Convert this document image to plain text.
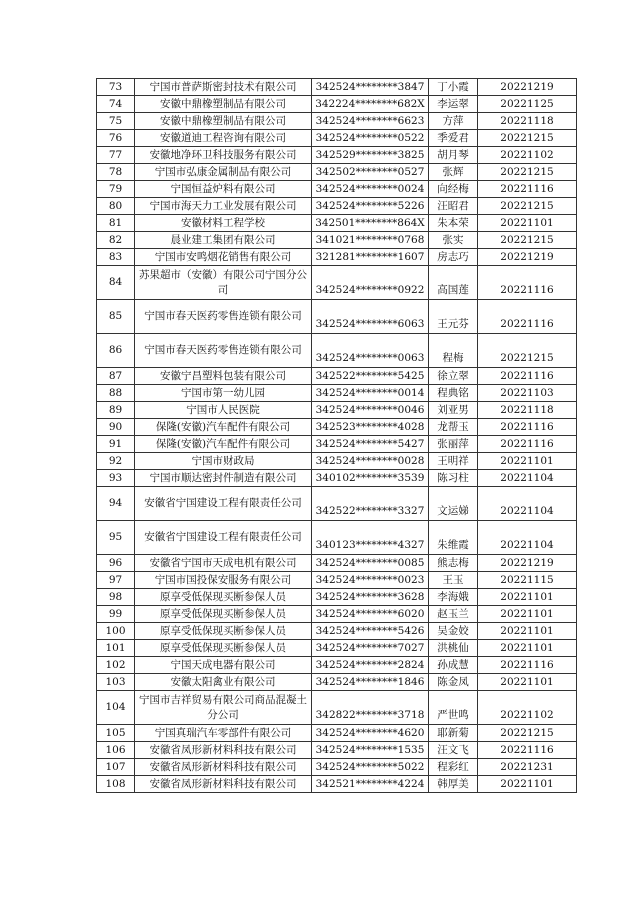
73	宁国市普萨斯密封技术有限公司	342524********3847	丁小霞	20221219
74	安徽中鼎橡塑制品有限公司	342224********682X	李运翠	20221125
75	安徽中鼎橡塑制品有限公司	342524********6623	方萍	20221118
76	安徽道迪工程咨询有限公司	342524********0522	季爱君	20221215
77	安徽地净环卫科技服务有限公司	342529********3825	胡月琴	20221102
78	宁国市弘康金属制品有限公司	342502********0527	张辉	20221215
79	宁国恒益炉料有限公司	342524********0024	向经梅	20221116
80	宁国市海天力工业发展有限公司	342524********5226	汪昭君	20221215
81	安徽材料工程学校	342501********864X	朱本荣	20221101
82	晨业建工集团有限公司	341021********0768	张实	20221215
83	宁国市安鸣烟花销售有限公司	321281********1607	房志巧	20221219
84	苏果超市（安徽）有限公司宁国分公司	342524********0922	高国莲	20221116
85	宁国市春天医药零售连锁有限公司	342524********6063	王元芬	20221116
86	宁国市春天医药零售连锁有限公司	342524********0063	程梅	20221215
87	安徽宁昌塑料包装有限公司	342522********5425	徐立翠	20221116
88	宁国市第一幼儿园	342524********0014	程典铭	20221103
89	宁国市人民医院	342524********0046	刘亚男	20221118
90	保隆(安徽)汽车配件有限公司	342523********4028	龙帮玉	20221116
91	保隆(安徽)汽车配件有限公司	342524********5427	张丽萍	20221116
92	宁国市财政局	342524********0028	王明祥	20221101
93	宁国市顺达密封件制造有限公司	340102********3539	陈习柱	20221104
94	安徽省宁国建设工程有限责任公司	342522********3327	文运娣	20221104
95	安徽省宁国建设工程有限责任公司	340123********4327	朱维霞	20221104
96	安徽省宁国市天成电机有限公司	342524********0085	熊志梅	20221219
97	宁国市国投保安服务有限公司	342524********0023	王玉	20221115
98	原享受低保现买断参保人员	342524********3628	李海娥	20221101
99	原享受低保现买断参保人员	342524********6020	赵玉兰	20221101
100	原享受低保现买断参保人员	342524********5426	吴金姣	20221101
101	原享受低保现买断参保人员	342524********7027	洪桃仙	20221101
102	宁国天成电器有限公司	342524********2824	孙成慧	20221116
103	安徽太阳禽业有限公司	342524********1846	陈金凤	20221101
104	宁国市吉祥贸易有限公司商品混凝土分公司	342822********3718	严世鸣	20221102
105	宁国真瑞汽车零部件有限公司	342524********4620	耶新菊	20221215
106	安徽省凤形新材料科技有限公司	342524********1535	汪文飞	20221116
107	安徽省凤形新材料科技有限公司	342524********5022	程彩红	20221231
108	安徽省凤形新材料科技有限公司	342521********4224	韩厚美	20221101
